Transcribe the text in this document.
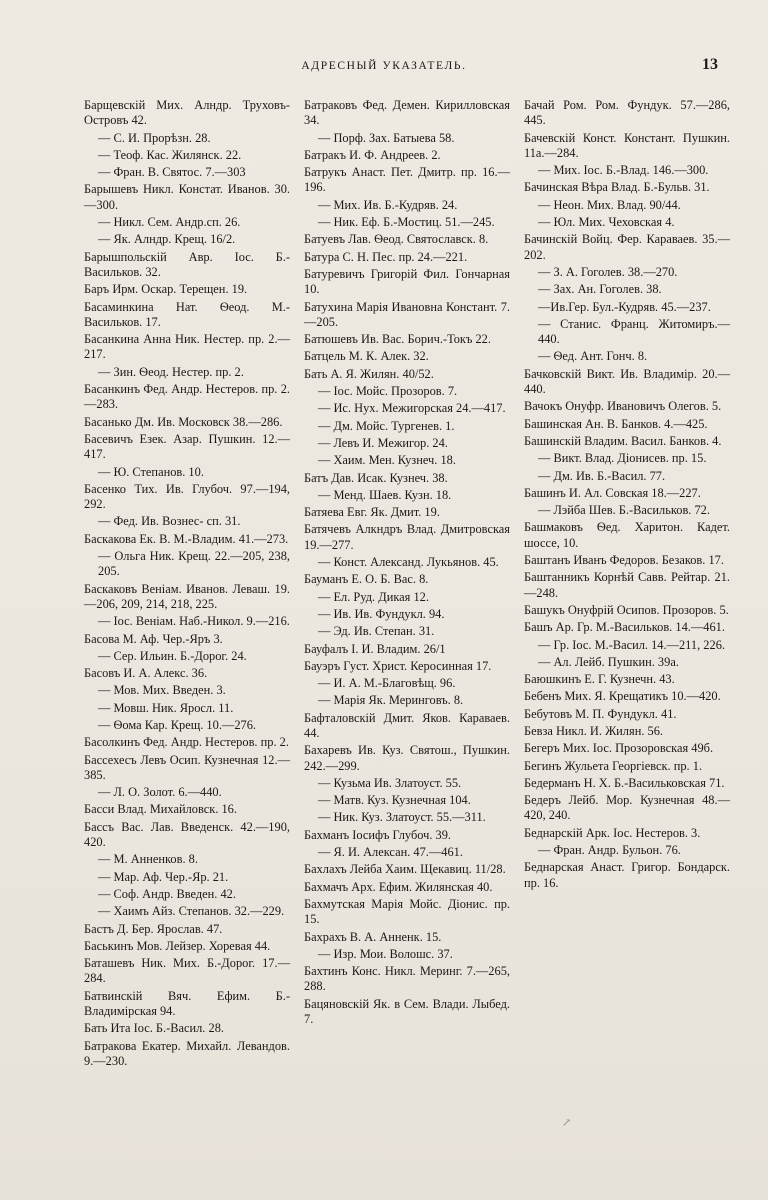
АДРЕСНЫЙ УКАЗАТЕЛЬ.	13
Барщевскій Мих. Алндр. Труховъ-Островъ 42.
— С. И. Прорѣзн. 28.
— Теоф. Кас. Жилянск. 22.
— Фран. В. Святос. 7.—303
Барышевъ Никл. Констат. Иванов. 30.—300.
— Никл. Сем. Андр.сп. 26.
— Як. Алндр. Крещ. 16/2.
Барышпольскій Авр. Іос. Б.-Васильков. 32.
Баръ Ирм. Оскар. Терещен. 19.
Басаминкина Нат. Ѳеод. М.-Васильков. 17.
Басанкина Анна Ник. Нестер. пр. 2.—217.
— Зин. Ѳеод. Нестер. пр. 2.
Басанкинъ Фед. Андр. Нестеров. пр. 2.—283.
Басанько Дм. Ив. Московск 38.—286.
Басевичъ Езек. Азар. Пушкин. 12.—417.
— Ю. Степанов. 10.
Басенко Тих. Ив. Глубоч. 97.—194, 292.
— Фед. Ив. Вознес- сп. 31.
Баскакова Ек. В. М.-Владим. 41.—273.
— Ольга Ник. Крещ. 22.—205, 238, 205.
Баскаковъ Веніам. Иванов. Леваш. 19.—206, 209, 214, 218, 225.
— Іос. Веніам. Наб.-Никол. 9.—216.
Басова М. Аф. Чер.-Яръ 3.
— Сер. Ильин. Б.-Дорог. 24.
Басовъ И. А. Алекс. 36.
— Мов. Мих. Введен. 3.
— Мовш. Ник. Яроcл. 11.
— Ѳома Кар. Крещ. 10.—276.
Басолкинъ Фед. Андр. Нестеров. пр. 2.
Бассехесъ Левъ Осип. Кузнечная 12.—385.
— Л. О. Золот. 6.—440.
Басси Влад. Михайловск. 16.
Бассъ Вас. Лав. Введенск. 42.—190, 420.
— М. Анненков. 8.
— Мар. Аф. Чер.-Яр. 21.
— Соф. Андр. Введен. 42.
— Хаимъ Айз. Степанов. 32.—229.
Бастъ Д. Бер. Ярослав. 47.
Баськинъ Мов. Лейзер. Хоревая 44.
Баташевъ Ник. Мих. Б.-Дорог. 17.—284.
Батвинскій Вяч. Ефим. Б.-Владимірская 94.
Бать Ита Іос. Б.-Васил. 28.
Батракова Екатер. Михайл. Левандов. 9.—230.
Батраковъ Фед. Демен. Кирилловская 34.
— Порф. Зах. Батыева 58.
Батракъ И. Ф. Андреев. 2.
Батрукъ Анаст. Пет. Дмитр. пр. 16.—196.
— Мих. Ив. Б.-Кудряв. 24.
— Ник. Еф. Б.-Мостиц. 51.—245.
Батуевъ Лав. Ѳеод. Святославск. 8.
Батура С. Н. Пес. пр. 24.—221.
Батуревичъ Григорій Фил. Гончарная 10.
Батухина Марія Ивановна Констант. 7.—205.
Батюшевъ Ив. Вас. Борич.-Токъ 22.
Батцель М. К. Алек. 32.
Бать А. Я. Жилян. 40/52.
— Іос. Мойс. Прозоров. 7.
— Ис. Нух. Межигорская 24.—417.
— Дм. Мойс. Тургенев. 1.
— Левъ И. Межигор. 24.
— Хаим. Мен. Кузнеч. 18.
Батъ Дав. Исак. Кузнеч. 38.
— Менд. Шаев. Кузн. 18.
Батяева Евг. Як. Дмит. 19.
Батячевъ Алкндръ Влад. Дмитровская 19.—277.
— Конст. Александ. Лукьянов. 45.
Бауманъ Е. О. Б. Вас. 8.
— Ел. Руд. Дикая 12.
— Ив. Ив. Фундукл. 94.
— Эд. Ив. Степан. 31.
Бауфалъ І. И. Владим. 26/1
Бауэръ Густ. Христ. Керосинная 17.
— И. А. М.-Благовѣщ. 96.
— Марія Як. Меринговъ. 8.
Бафталовскій Дмит. Яков. Караваев. 44.
Бахаревъ Ив. Куз. Святош., Пушкин. 242.—299.
— Кузьма Ив. Златоуст. 55.
— Матв. Куз. Кузнечная 104.
— Ник. Куз. Златоуст. 55.—311.
Бахманъ Іосифъ Глубоч. 39.
— Я. И. Алексан. 47.—461.
Бахлахъ Лейба Хаим. Щекавиц. 11/28.
Бахмачъ Арх. Ефим. Жилянская 40.
Бахмутская Марія Мойс. Діонис. пр. 15.
Бахрахъ В. А. Анненк. 15.
— Изр. Мои. Волошс. 37.
Бахтинъ Конс. Никл. Меринг. 7.—265, 288.
Бацяновскій Як. в Сем. Влади. Лыбед. 7.
Бачай Ром. Ром. Фундук. 57.—286, 445.
Бачевскій Конст. Констант. Пушкин. 11а.—284.
— Мих. Іос. Б.-Влад. 146.—300.
Бачинская Вѣра Влад. Б.-Бульв. 31.
— Неон. Мих. Влад. 90/44.
— Юл. Мих. Чеховская 4.
Бачинскій Войц. Фер. Караваев. 35.—202.
— З. А. Гоголев. 38.—270.
— Зах. Ан. Гоголев. 38.
—Ив.Гер. Бул.-Кудряв. 45.—237.
— Станис. Франц. Житомиръ.—440.
— Ѳед. Ант. Гонч. 8.
Бачковскій Викт. Ив. Владимір. 20.—440.
Вачокъ Онуфр. Ивановичъ Олегов. 5.
Башинская Ан. В. Банков. 4.—425.
Башинскій Владим. Васил. Банков. 4.
— Викт. Влад. Діонисев. пр. 15.
— Дм. Ив. Б.-Васил. 77.
Башинъ И. Ал. Совская 18.—227.
— Лэйба Шев. Б.-Васильков. 72.
Башмаковъ Ѳед. Харитон. Кадет. шоссе, 10.
Баштанъ Иванъ Федоров. Безаков. 17.
Баштанникъ Корнѣй Савв. Рейтар. 21.—248.
Башукъ Онуфрій Осипов. Прозоров. 5.
Башъ Ар. Гр. М.-Васильков. 14.—461.
— Гр. Іос. М.-Васил. 14.—211, 226.
— Ал. Лейб. Пушкин. 39а.
Баюшкинъ Е. Г. Кузнечн. 43.
Бебенъ Мих. Я. Крещатикъ 10.—420.
Бебутовъ М. П. Фундукл. 41.
Бевза Никл. И. Жилян. 56.
Бегеръ Мих. Іос. Прозоровская 49б.
Бегинъ Жульета Георгіевск. пр. 1.
Бедерманъ Н. Х. Б.-Васильковская 71.
Бедеръ Лейб. Мор. Кузнечная 48.—420, 240.
Беднарскій Арк. Іос. Нестеров. 3.
— Фран. Андр. Бульон. 76.
Беднарская Анаст. Григор. Бондарск. пр. 16.
↗
